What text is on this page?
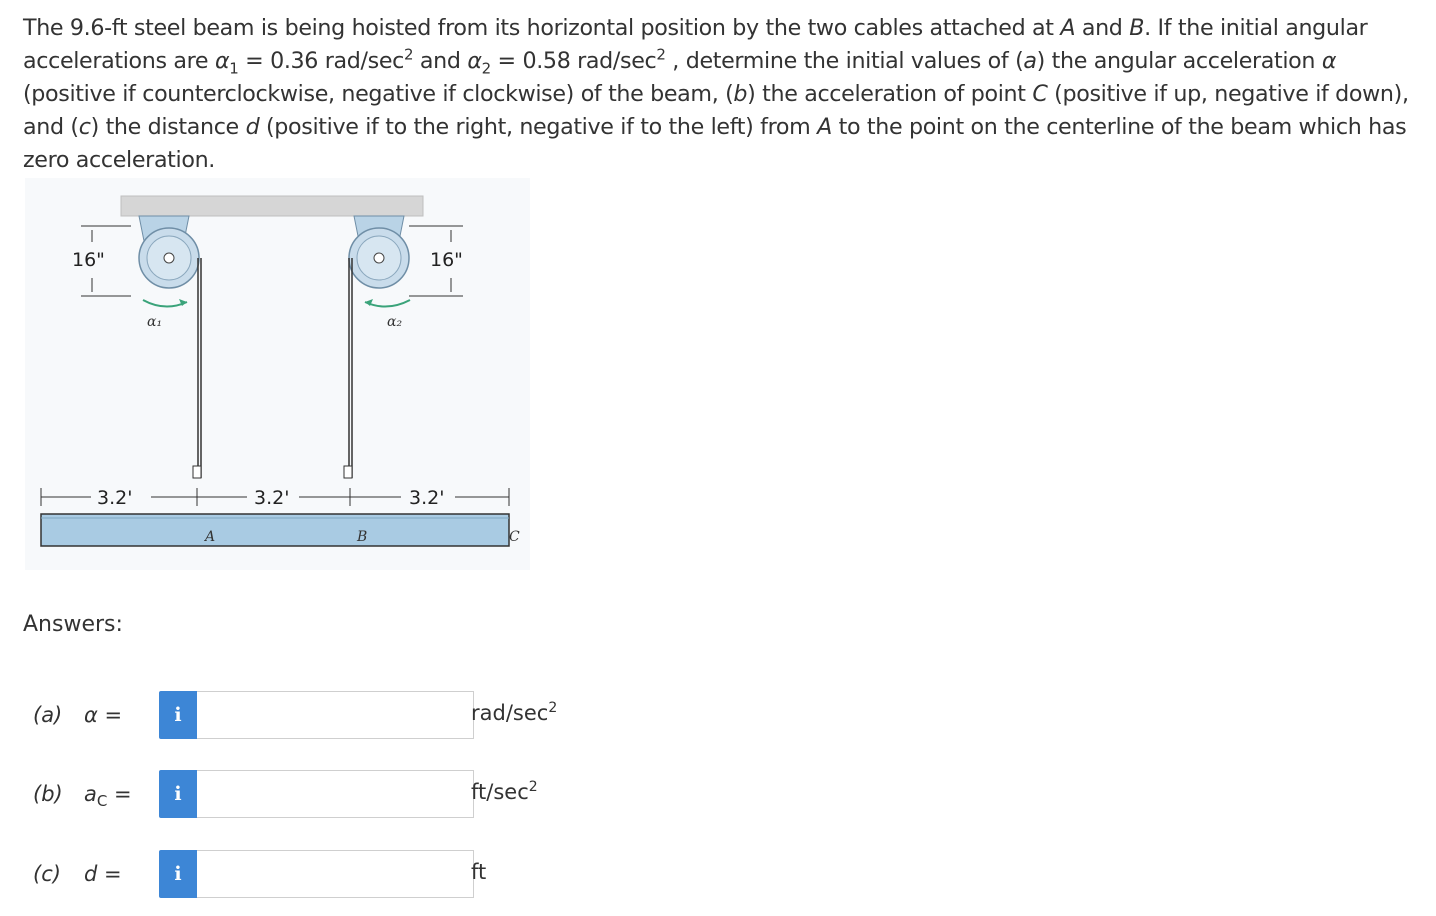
The 9.6-ft steel beam is being hoisted from its horizontal position by the two cables attached at A and B. If the initial angular accelerations are $\alpha_1 = 0.36$ rad/$\sec^2$ and $\alpha_2 = 0.58$ rad/$\sec^2$ , determine the initial values of (a) the angular acceleration α (positive if counterclockwise, negative if clockwise) of the beam, (b) the acceleration of point C (positive if up, negative if down), and (c) the distance d (positive if to the right, negative if to the left) from A to the point on the centerline of the beam which has zero acceleration.
α₁	α₂
16"	16"
3.2'	3.2'	3.2'
A	B	C
Answers:
(a) α =	i	rad/$\sec^2$
(b) $a_C$ =	i	$ft/\sec^2$
(c) d =	i	ft
